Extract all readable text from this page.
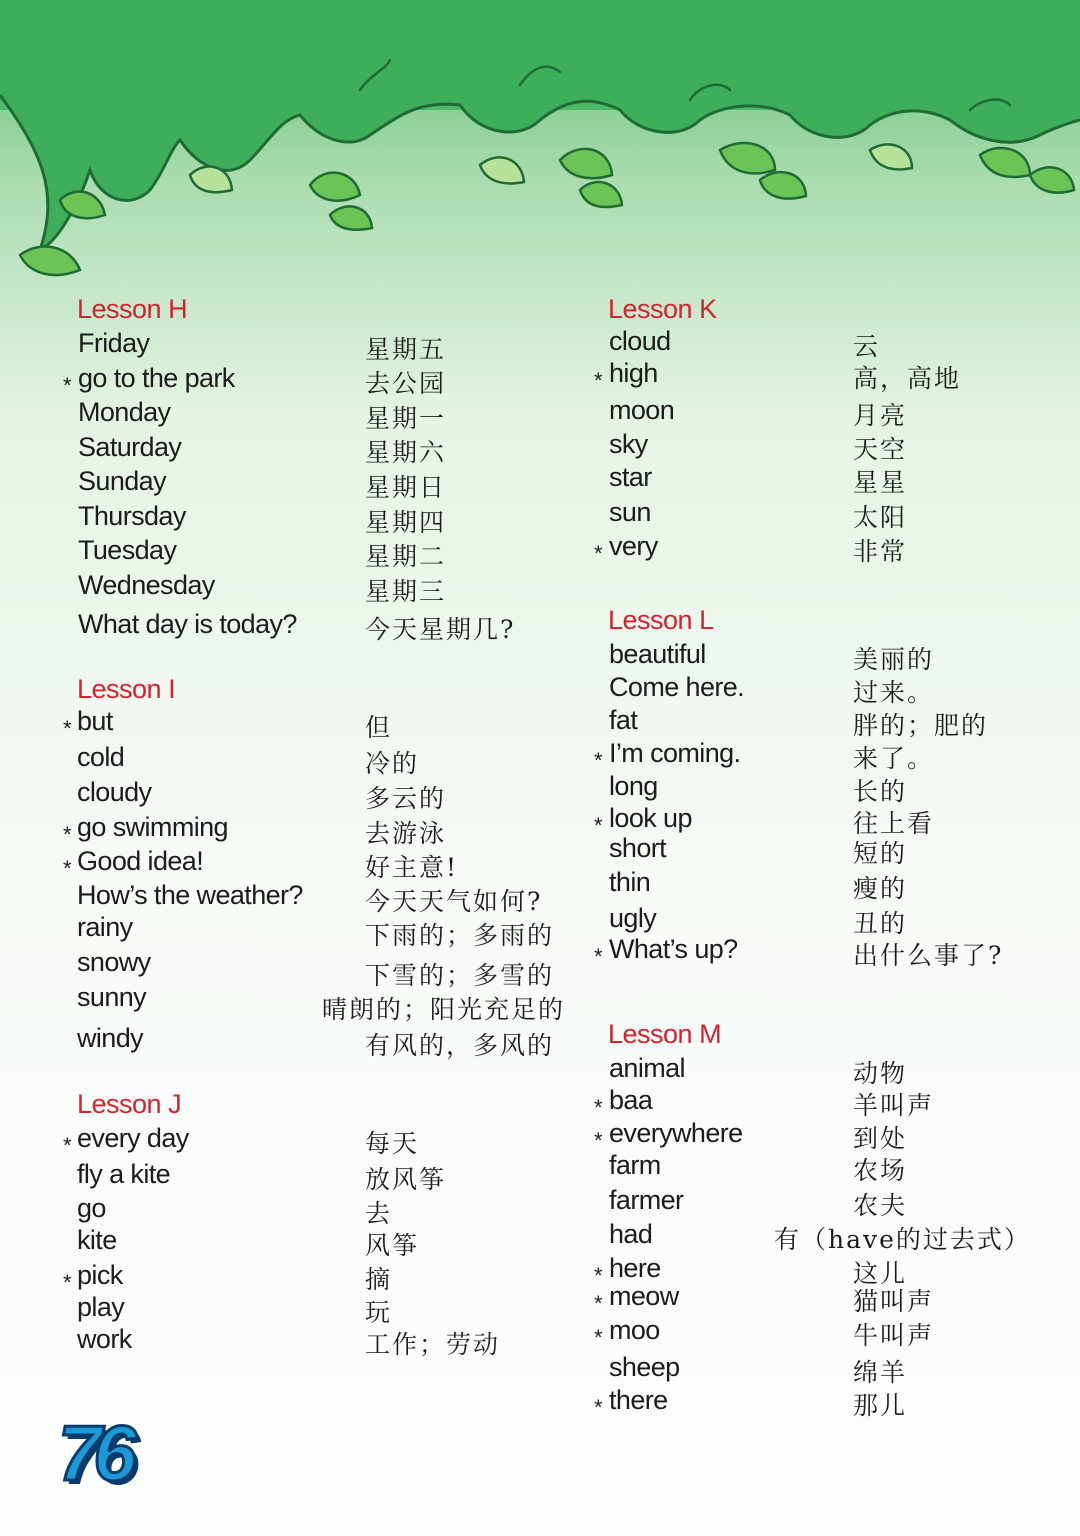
Lesson H
Friday	星期五
* go to the park	去公园
Monday	星期一
Saturday	星期六
Sunday	星期日
Thursday	星期四
Tuesday	星期二
Wednesday	星期三
What day is today?	今天星期几?
Lesson I
* but	但
cold	冷的
cloudy	多云的
* go swimming	去游泳
* Good idea!	好主意!
How’s the weather? 今天天气如何?
rainy	下雨的；多雨的
snowy	下雪的；多雪的
sunny	晴朗的；阳光充足的
windy	有风的，多风的
Lesson J
* every day	每天
fly a kite	放风筝
go	去
kite	风筝
* pick	摘
play	玩
work	工作；劳动
Lesson K
cloud	云
* high	高，高地
moon	月亮
sky	天空
star	星星
sun	太阳
* very	非常
Lesson L
beautiful	美丽的
Come here.	过来。
fat	胖的；肥的
* I’m coming.	来了。
long	长的
* look up	往上看
short	短的
thin	瘦的
ugly	丑的
* What’s up?	出什么事了?
Lesson M
animal	动物
* baa	羊叫声
* everywhere	到处
farm	农场
farmer	农夫
had	有（have的过去式）
* here	这儿
* meow	猫叫声
* moo	牛叫声
sheep	绵羊
* there	那儿
76
